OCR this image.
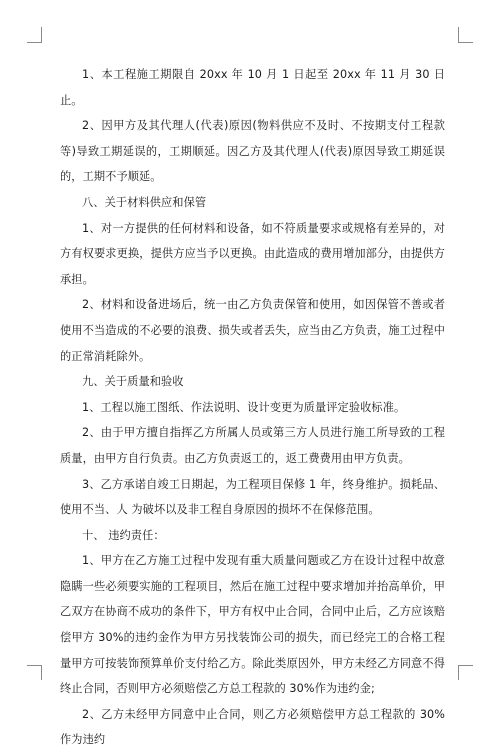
1、本工程施工期限自 20xx 年 10 月 1 日起至 20xx 年 11 月 30 日止。

2、因甲方及其代理人(代表)原因(物料供应不及时、不按期支付工程款等)导致工期延误的，工期顺延。因乙方及其代理人(代表)原因导致工期延误的，工期不予顺延。

八、关于材料供应和保管

1、对一方提供的任何材料和设备，如不符质量要求或规格有差异的，对方有权要求更换，提供方应当予以更换。由此造成的费用增加部分，由提供方承担。

2、材料和设备进场后，统一由乙方负责保管和使用，如因保管不善或者使用不当造成的不必要的浪费、损失或者丢失，应当由乙方负责，施工过程中的正常消耗除外。

九、关于质量和验收

1、工程以施工图纸、作法说明、设计变更为质量评定验收标准。

2、由于甲方擅自指挥乙方所属人员或第三方人员进行施工所导致的工程质量，由甲方自行负责。由乙方负责返工的，返工费费用由甲方负责。

3、乙方承诺自竣工日期起，为工程项目保修 1 年，终身维护。损耗品、使用不当、人 为破坏以及非工程自身原因的损坏不在保修范围。

十、 违约责任：

1、甲方在乙方施工过程中发现有重大质量问题或乙方在设计过程中故意隐瞒一些必须要实施的工程项目，然后在施工过程中要求增加并抬高单价，甲乙双方在协商不成功的条件下，甲方有权中止合同，合同中止后，乙方应该赔偿甲方 30%的违约金作为甲方另找装饰公司的损失，而已经完工的合格工程量甲方可按装饰预算单价支付给乙方。除此类原因外，甲方未经乙方同意不得终止合同，否则甲方必须赔偿乙方总工程款的 30%作为违约金;

2、乙方未经甲方同意中止合同，则乙方必须赔偿甲方总工程款的 30%作为违约
